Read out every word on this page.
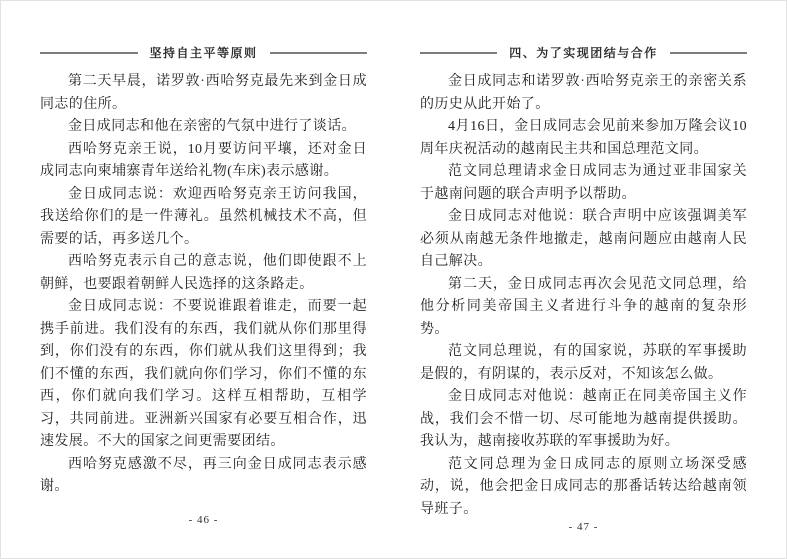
坚持自主平等原则

第二天早晨，诺罗敦·西哈努克最先来到金日成同志的住所。

金日成同志和他在亲密的气氛中进行了谈话。

西哈努克亲王说，10月要访问平壤，还对金日成同志向柬埔寨青年送给礼物(车床)表示感谢。

金日成同志说：欢迎西哈努克亲王访问我国，我送给你们的是一件薄礼。虽然机械技术不高，但需要的话，再多送几个。

西哈努克表示自己的意志说，他们即使跟不上朝鲜，也要跟着朝鲜人民选择的这条路走。

金日成同志说：不要说谁跟着谁走，而要一起携手前进。我们没有的东西，我们就从你们那里得到，你们没有的东西，你们就从我们这里得到；我们不懂的东西，我们就向你们学习，你们不懂的东西，你们就向我们学习。这样互相帮助，互相学习，共同前进。亚洲新兴国家有必要互相合作，迅速发展。不大的国家之间更需要团结。

西哈努克感激不尽，再三向金日成同志表示感谢。

- 46 -
四、为了实现团结与合作

金日成同志和诺罗敦·西哈努克亲王的亲密关系的历史从此开始了。

4月16日，金日成同志会见前来参加万隆会议10周年庆祝活动的越南民主共和国总理范文同。

范文同总理请求金日成同志为通过亚非国家关于越南问题的联合声明予以帮助。

金日成同志对他说：联合声明中应该强调美军必须从南越无条件地撤走，越南问题应由越南人民自己解决。

第二天，金日成同志再次会见范文同总理，给他分析同美帝国主义者进行斗争的越南的复杂形势。

范文同总理说，有的国家说，苏联的军事援助是假的，有阴谋的，表示反对，不知该怎么做。

金日成同志对他说：越南正在同美帝国主义作战，我们会不惜一切、尽可能地为越南提供援助。我认为，越南接收苏联的军事援助为好。

范文同总理为金日成同志的原则立场深受感动，说，他会把金日成同志的那番话转达给越南领导班子。

- 47 -
